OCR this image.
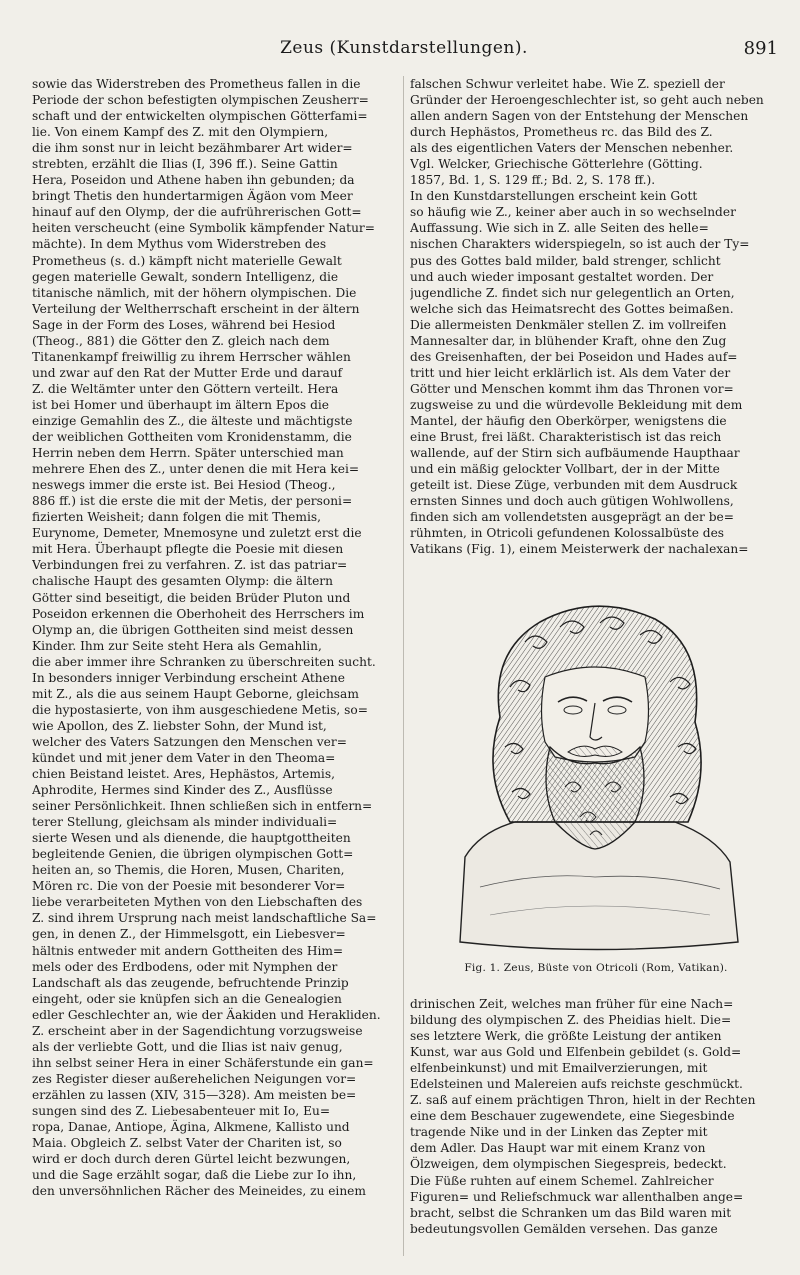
Zeus (Kunstdarstellungen).	891
sowie das Widerstreben des Prometheus fallen in die
Periode der schon befestigten olympischen Zeusherr=
schaft und der entwickelten olympischen Götterfami=
lie. Von einem Kampf des Z. mit den Olympiern,
die ihm sonst nur in leicht bezähmbarer Art wider=
strebten, erzählt die Ilias (I, 396 ff.). Seine Gattin
Hera, Poseidon und Athene haben ihn gebunden; da
bringt Thetis den hundertarmigen Ägäon vom Meer
hinauf auf den Olymp, der die aufrührerischen Gott=
heiten verscheucht (eine Symbolik kämpfender Natur=
mächte). In dem Mythus vom Widerstreben des
Prometheus (s. d.) kämpft nicht materielle Gewalt
gegen materielle Gewalt, sondern Intelligenz, die
titanische nämlich, mit der höhern olympischen. Die
Verteilung der Weltherrschaft erscheint in der ältern
Sage in der Form des Loses, während bei Hesiod
(Theog., 881) die Götter den Z. gleich nach dem
Titanenkampf freiwillig zu ihrem Herrscher wählen
und zwar auf den Rat der Mutter Erde und darauf
Z. die Weltämter unter den Göttern verteilt. Hera
ist bei Homer und überhaupt im ältern Epos die
einzige Gemahlin des Z., die älteste und mächtigste
der weiblichen Gottheiten vom Kronidenstamm, die
Herrin neben dem Herrn. Später unterschied man
mehrere Ehen des Z., unter denen die mit Hera kei=
neswegs immer die erste ist. Bei Hesiod (Theog.,
886 ff.) ist die erste die mit der Metis, der personi=
fizierten Weisheit; dann folgen die mit Themis,
Eurynome, Demeter, Mnemosyne und zuletzt erst die
mit Hera. Überhaupt pflegte die Poesie mit diesen
Verbindungen frei zu verfahren. Z. ist das patriar=
chalische Haupt des gesamten Olymp: die ältern
Götter sind beseitigt, die beiden Brüder Pluton und
Poseidon erkennen die Oberhoheit des Herrschers im
Olymp an, die übrigen Gottheiten sind meist dessen
Kinder. Ihm zur Seite steht Hera als Gemahlin,
die aber immer ihre Schranken zu überschreiten sucht.
In besonders inniger Verbindung erscheint Athene
mit Z., als die aus seinem Haupt Geborne, gleichsam
die hypostasierte, von ihm ausgeschiedene Metis, so=
wie Apollon, des Z. liebster Sohn, der Mund ist,
welcher des Vaters Satzungen den Menschen ver=
kündet und mit jener dem Vater in den Theoma=
chien Beistand leistet. Ares, Hephästos, Artemis,
Aphrodite, Hermes sind Kinder des Z., Ausflüsse
seiner Persönlichkeit. Ihnen schließen sich in entfern=
terer Stellung, gleichsam als minder individuali=
sierte Wesen und als dienende, die hauptgottheiten
begleitende Genien, die übrigen olympischen Gott=
heiten an, so Themis, die Horen, Musen, Chariten,
Mören rc. Die von der Poesie mit besonderer Vor=
liebe verarbeiteten Mythen von den Liebschaften des
Z. sind ihrem Ursprung nach meist landschaftliche Sa=
gen, in denen Z., der Himmelsgott, ein Liebesver=
hältnis entweder mit andern Gottheiten des Him=
mels oder des Erdbodens, oder mit Nymphen der
Landschaft als das zeugende, befruchtende Prinzip
eingeht, oder sie knüpfen sich an die Genealogien
edler Geschlechter an, wie der Äakiden und Herakliden.
Z. erscheint aber in der Sagendichtung vorzugsweise
als der verliebte Gott, und die Ilias ist naiv genug,
ihn selbst seiner Hera in einer Schäferstunde ein gan=
zes Register dieser außerehelichen Neigungen vor=
erzählen zu lassen (XIV, 315—328). Am meisten be=
sungen sind des Z. Liebesabenteuer mit Io, Eu=
ropa, Danae, Antiope, Ägina, Alkmene, Kallisto und
Maia. Obgleich Z. selbst Vater der Chariten ist, so
wird er doch durch deren Gürtel leicht bezwungen,
und die Sage erzählt sogar, daß die Liebe zur Io ihn,
den unversöhnlichen Rächer des Meineides, zu einem
falschen Schwur verleitet habe. Wie Z. speziell der
Gründer der Heroengeschlechter ist, so geht auch neben
allen andern Sagen von der Entstehung der Menschen
durch Hephästos, Prometheus rc. das Bild des Z.
als des eigentlichen Vaters der Menschen nebenher.
Vgl. Welcker, Griechische Götterlehre (Götting.
1857, Bd. 1, S. 129 ff.; Bd. 2, S. 178 ff.).
In den Kunstdarstellungen erscheint kein Gott
so häufig wie Z., keiner aber auch in so wechselnder
Auffassung. Wie sich in Z. alle Seiten des helle=
nischen Charakters widerspiegeln, so ist auch der Ty=
pus des Gottes bald milder, bald strenger, schlicht
und auch wieder imposant gestaltet worden. Der
jugendliche Z. findet sich nur gelegentlich an Orten,
welche sich das Heimatsrecht des Gottes beimaßen.
Die allermeisten Denkmäler stellen Z. im vollreifen
Mannesalter dar, in blühender Kraft, ohne den Zug
des Greisenhaften, der bei Poseidon und Hades auf=
tritt und hier leicht erklärlich ist. Als dem Vater der
Götter und Menschen kommt ihm das Thronen vor=
zugsweise zu und die würdevolle Bekleidung mit dem
Mantel, der häufig den Oberkörper, wenigstens die
eine Brust, frei läßt. Charakteristisch ist das reich
wallende, auf der Stirn sich aufbäumende Haupthaar
und ein mäßig gelockter Vollbart, der in der Mitte
geteilt ist. Diese Züge, verbunden mit dem Ausdruck
ernsten Sinnes und doch auch gütigen Wohlwollens,
finden sich am vollendetsten ausgeprägt an der be=
rühmten, in Otricoli gefundenen Kolossalbüste des
Vatikans (Fig. 1), einem Meisterwerk der nachalexan=
Fig. 1. Zeus, Büste von Otricoli (Rom, Vatikan).
drinischen Zeit, welches man früher für eine Nach=
bildung des olympischen Z. des Pheidias hielt. Die=
ses letztere Werk, die größte Leistung der antiken
Kunst, war aus Gold und Elfenbein gebildet (s. Gold=
elfenbeinkunst) und mit Emailverzierungen, mit
Edelsteinen und Malereien aufs reichste geschmückt.
Z. saß auf einem prächtigen Thron, hielt in der Rechten
eine dem Beschauer zugewendete, eine Siegesbinde
tragende Nike und in der Linken das Zepter mit
dem Adler. Das Haupt war mit einem Kranz von
Ölzweigen, dem olympischen Siegespreis, bedeckt.
Die Füße ruhten auf einem Schemel. Zahlreicher
Figuren= und Reliefschmuck war allenthalben ange=
bracht, selbst die Schranken um das Bild waren mit
bedeutungsvollen Gemälden versehen. Das ganze
